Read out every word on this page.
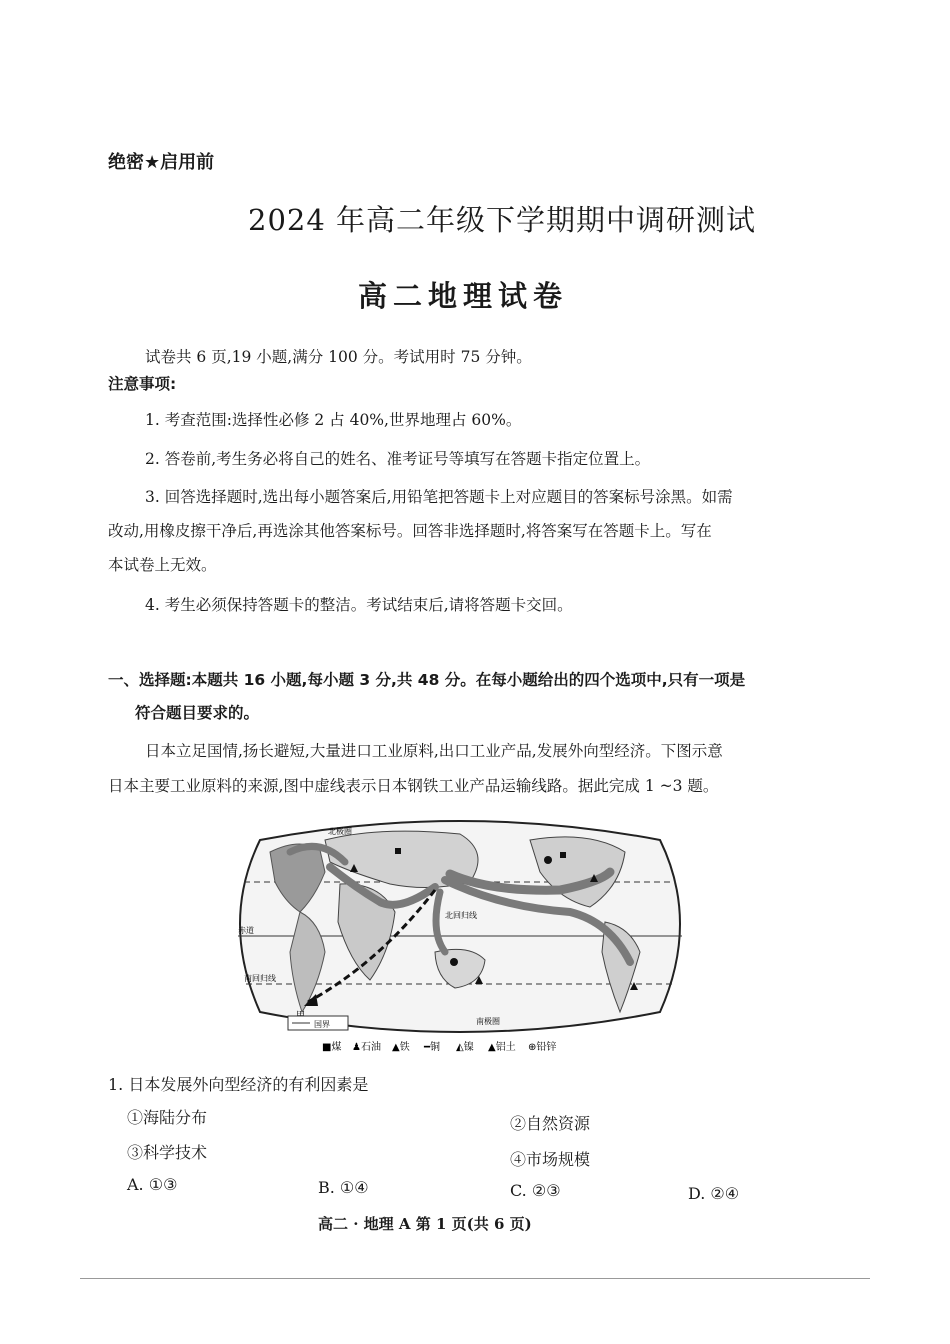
绝密★启用前
2024 年高二年级下学期期中调研测试
高二地理试卷
试卷共 6 页,19 小题,满分 100 分。考试用时 75 分钟。
注意事项:
1. 考查范围:选择性必修 2 占 40%,世界地理占 60%。
2. 答卷前,考生务必将自己的姓名、准考证号等填写在答题卡指定位置上。
3. 回答选择题时,选出每小题答案后,用铅笔把答题卡上对应题目的答案标号涂黑。如需
改动,用橡皮擦干净后,再选涂其他答案标号。回答非选择题时,将答案写在答题卡上。写在
本试卷上无效。
4. 考生必须保持答题卡的整洁。考试结束后,请将答题卡交回。
一、选择题:本题共 16 小题,每小题 3 分,共 48 分。在每小题给出的四个选项中,只有一项是
符合题目要求的。
日本立足国情,扬长避短,大量进口工业原料,出口工业产品,发展外向型经济。下图示意
日本主要工业原料的来源,图中虚线表示日本钢铁工业产品运输线路。据此完成 1 ~3 题。
北极圈
北回归线
赤道
南回归线
南极圈
国界
■煤 ♟石油 ▲铁 ━铜 ◭镍 ▲铝土 ⊕铅锌
1. 日本发展外向型经济的有利因素是
①海陆分布	②自然资源
③科学技术	④市场规模
A. ①③	B. ①④	C. ②③	D. ②④
高二 · 地理 A 第 1 页(共 6 页)
